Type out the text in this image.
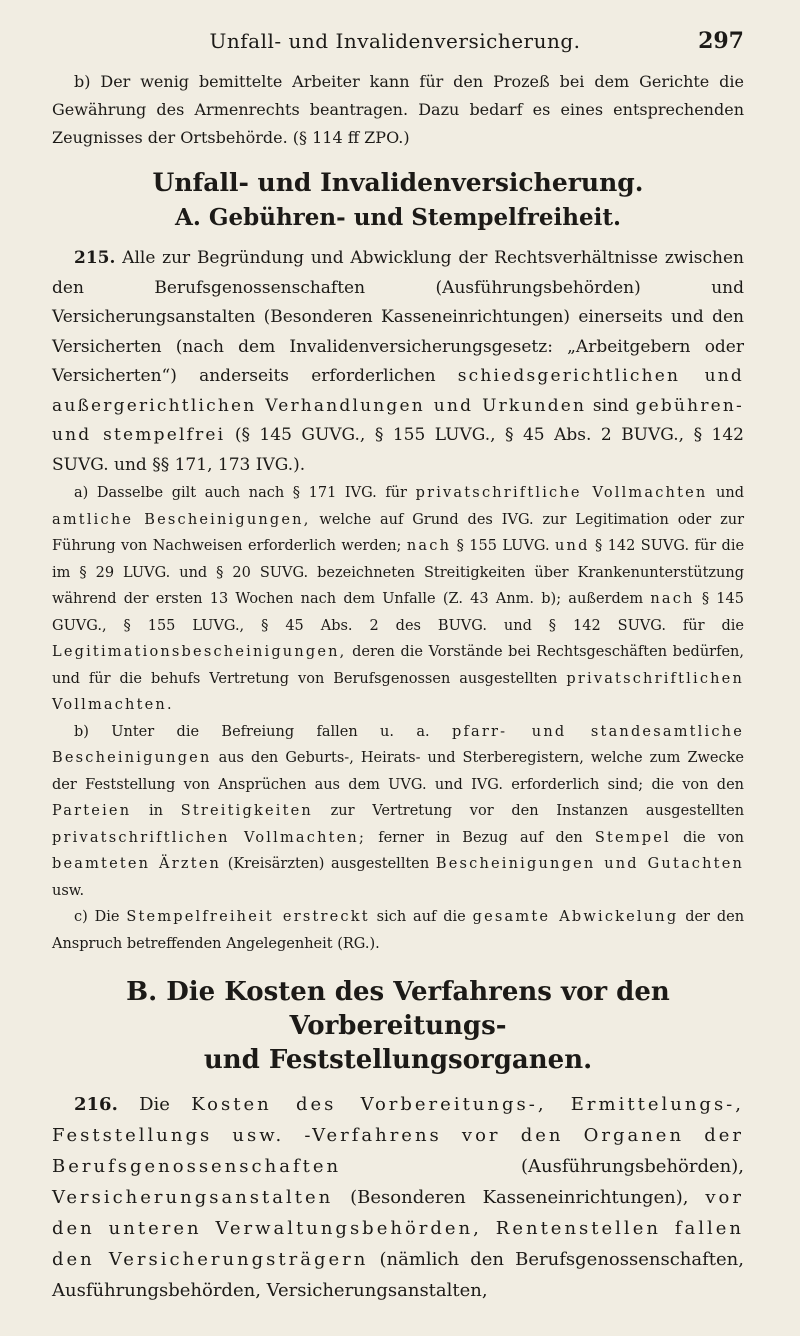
Unfall- und Invalidenversicherung.	297

b) Der wenig bemittelte Arbeiter kann für den Prozeß bei dem Gerichte die Gewährung des Armenrechts beantragen. Dazu bedarf es eines entsprechenden Zeugnisses der Ortsbehörde. (§ 114 ff ZPO.)

Unfall- und Invalidenversicherung.
A. Gebühren- und Stempelfreiheit.

215. Alle zur Begründung und Abwicklung der Rechtsverhältnisse zwischen den Berufsgenossenschaften (Ausführungsbehörden) und Versicherungsanstalten (Besonderen Kasseneinrichtungen) einerseits und den Versicherten (nach dem Invalidenversicherungsgesetz: „Arbeitgebern oder Versicherten“) anderseits erforderlichen schiedsgerichtlichen und außergerichtlichen Verhandlungen und Urkunden sind gebühren- und stempelfrei (§ 145 GUVG., § 155 LUVG., § 45 Abs. 2 BUVG., § 142 SUVG. und §§ 171, 173 IVG.).

a) Dasselbe gilt auch nach § 171 IVG. für privatschriftliche Vollmachten und amtliche Bescheinigungen, welche auf Grund des IVG. zur Legitimation oder zur Führung von Nachweisen erforderlich werden; nach § 155 LUVG. und § 142 SUVG. für die im § 29 LUVG. und § 20 SUVG. bezeichneten Streitigkeiten über Krankenunterstützung während der ersten 13 Wochen nach dem Unfalle (Z. 43 Anm. b); außerdem nach § 145 GUVG., § 155 LUVG., § 45 Abs. 2 des BUVG. und § 142 SUVG. für die Legitimationsbescheinigungen, deren die Vorstände bei Rechtsgeschäften bedürfen, und für die behufs Vertretung von Berufsgenossen ausgestellten privatschriftlichen Vollmachten.

b) Unter die Befreiung fallen u. a. pfarr- und standesamtliche Bescheinigungen aus den Geburts-, Heirats- und Sterberegistern, welche zum Zwecke der Feststellung von Ansprüchen aus dem UVG. und IVG. erforderlich sind; die von den Parteien in Streitigkeiten zur Vertretung vor den Instanzen ausgestellten privatschriftlichen Vollmachten; ferner in Bezug auf den Stempel die von beamteten Ärzten (Kreisärzten) ausgestellten Bescheinigungen und Gutachten usw.

c) Die Stempelfreiheit erstreckt sich auf die gesamte Abwickelung der den Anspruch betreffenden Angelegenheit (RG.).

B. Die Kosten des Verfahrens vor den Vorbereitungs-
und Feststellungsorganen.

216. Die Kosten des Vorbereitungs-, Ermittelungs-, Feststellungs usw. -Verfahrens vor den Organen der Berufsgenossenschaften	(Ausführungsbehörden), Versicherungsanstalten (Besonderen Kasseneinrichtungen), vor den unteren Verwaltungsbehörden, Rentenstellen fallen den Versicherungsträgern (nämlich den Berufsgenossenschaften, Ausführungsbehörden, Versicherungsanstalten,
